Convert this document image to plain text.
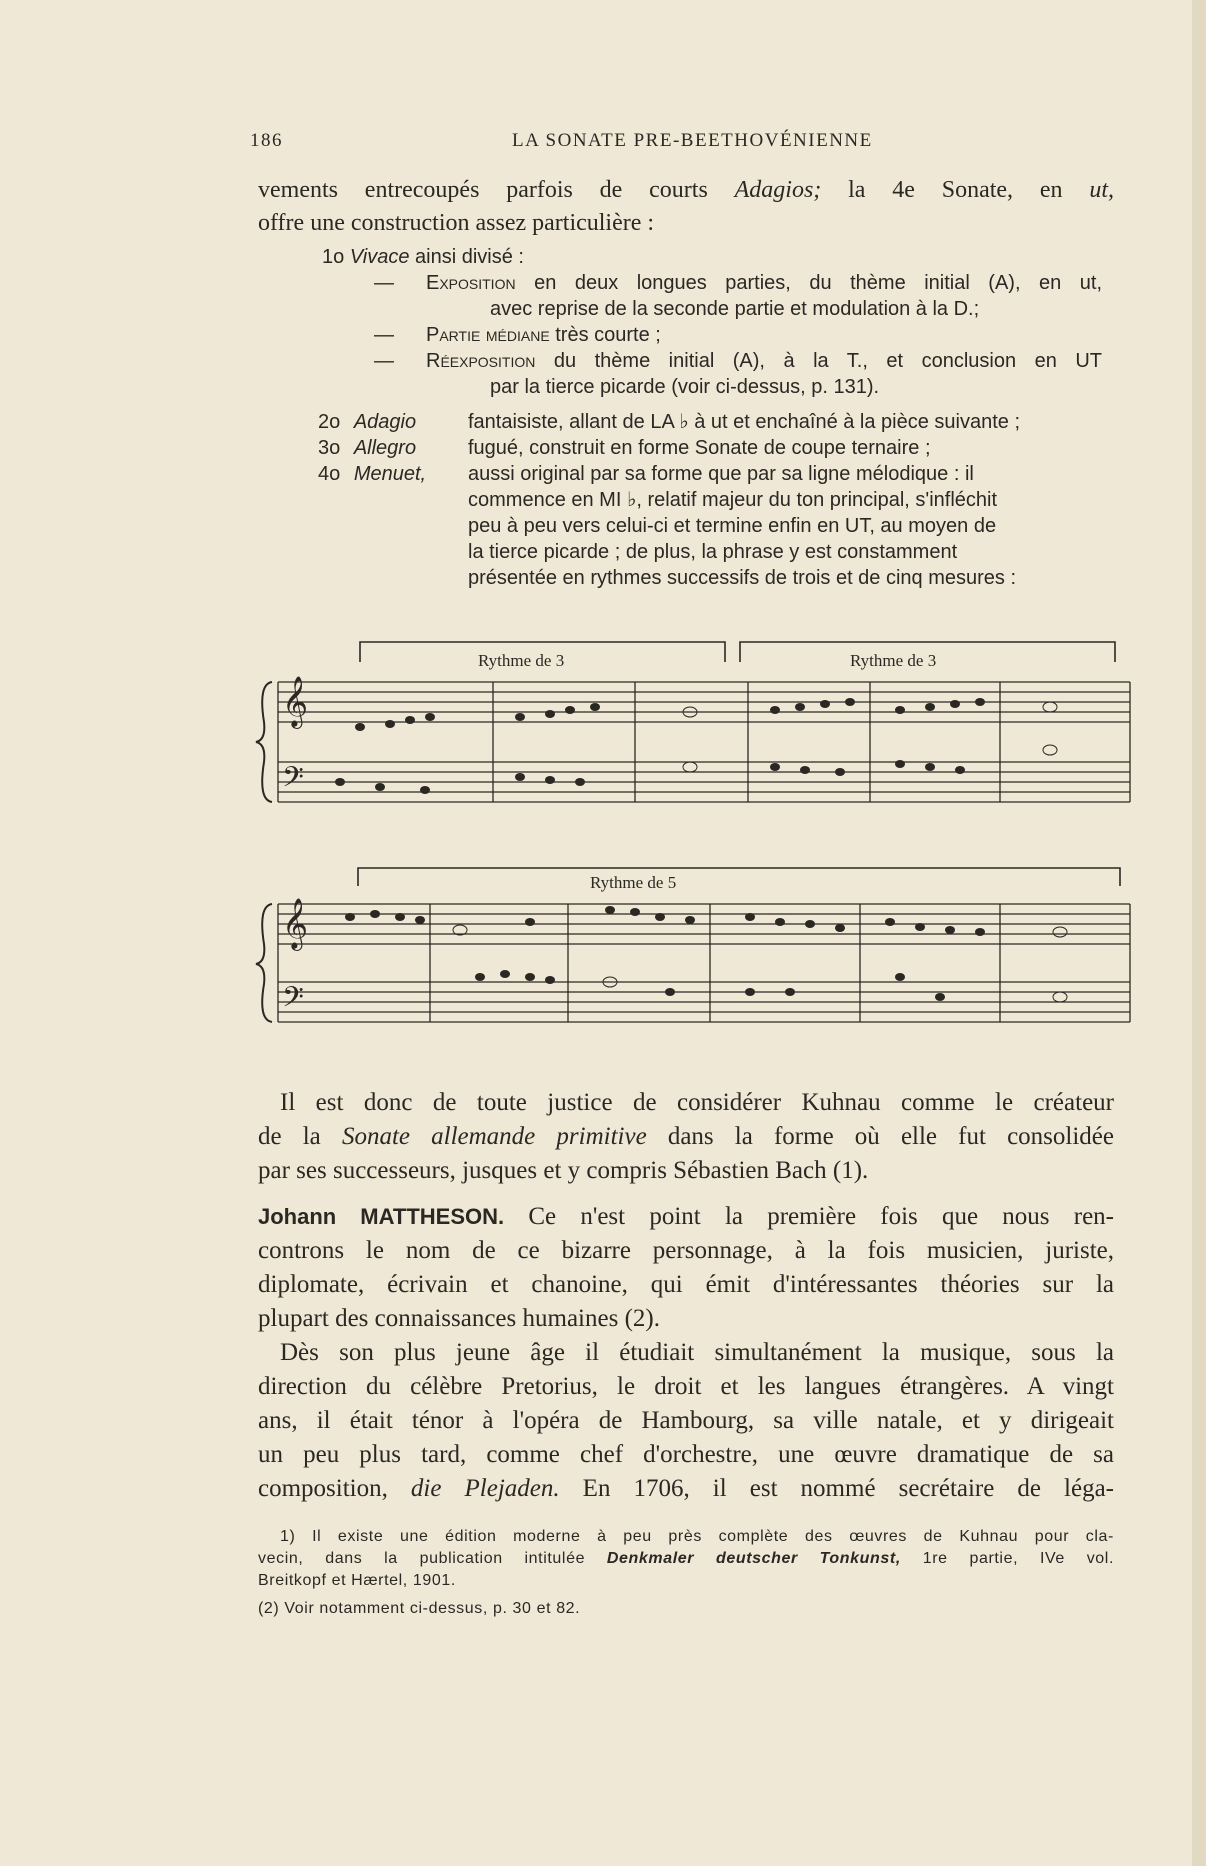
186	LA SONATE PRE-BEETHOVÉNIENNE
vements entrecoupés parfois de courts Adagios; la 4e Sonate, en ut,
offre une construction assez particulière :
1o Vivace ainsi divisé :
— Exposition en deux longues parties, du thème initial (A), en ut,
avec reprise de la seconde partie et modulation à la D.;
— Partie médiane très courte ;
— Réexposition du thème initial (A), à la T., et conclusion en UT
par la tierce picarde (voir ci-dessus, p. 131).
2o Adagio	fantaisiste, allant de LA ♭ à ut et enchaîné à la pièce suivante ;
3o Allegro	fugué, construit en forme Sonate de coupe ternaire ;
4o Menuet, aussi original par sa forme que par sa ligne mélodique : il
commence en MI ♭, relatif majeur du ton principal, s'infléchit
peu à peu vers celui-ci et termine enfin en UT, au moyen de
la tierce picarde ; de plus, la phrase y est constamment
présentée en rythmes successifs de trois et de cinq mesures :
Rythme de 3	Rythme de 3
Rythme de 5
𝄞
𝄢
𝄞
𝄢
Il est donc de toute justice de considérer Kuhnau comme le créateur
de la Sonate allemande primitive dans la forme où elle fut consolidée
par ses successeurs, jusques et y compris Sébastien Bach (1).
Johann MATTHESON. Ce n'est point la première fois que nous ren-
controns le nom de ce bizarre personnage, à la fois musicien, juriste,
diplomate, écrivain et chanoine, qui émit d'intéressantes théories sur la
plupart des connaissances humaines (2).
Dès son plus jeune âge il étudiait simultanément la musique, sous la
direction du célèbre Pretorius, le droit et les langues étrangères. A vingt
ans, il était ténor à l'opéra de Hambourg, sa ville natale, et y dirigeait
un peu plus tard, comme chef d'orchestre, une œuvre dramatique de sa
composition, die Plejaden. En 1706, il est nommé secrétaire de léga-
1) Il existe une édition moderne à peu près complète des œuvres de Kuhnau pour cla-
vecin, dans la publication intitulée Denkmaler deutscher Tonkunst, 1re partie, IVe vol.
Breitkopf et Hærtel, 1901.
(2) Voir notamment ci-dessus, p. 30 et 82.
